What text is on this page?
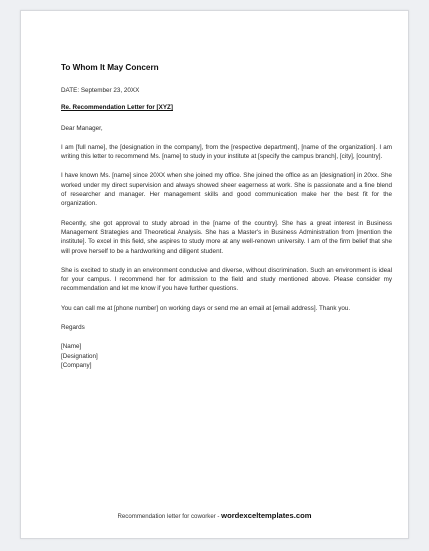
To Whom It May Concern
DATE: September 23, 20XX
Re. Recommendation Letter for [XYZ]
Dear Manager,

I am [full name], the [designation in the company], from the [respective department], [name of the organization]. I am writing this letter to recommend Ms. [name] to study in your institute at [specify the campus branch], [city], [country].

I have known Ms. [name] since 20XX when she joined my office. She joined the office as an [designation] in 20xx. She worked under my direct supervision and always showed sheer eagerness at work. She is passionate and a fine blend of researcher and manager. Her management skills and good communication make her the best fit for the organization.

Recently, she got approval to study abroad in the [name of the country]. She has a great interest in Business Management Strategies and Theoretical Analysis. She has a Master's in Business Administration from [mention the institute]. To excel in this field, she aspires to study more at any well-renown university. I am of the firm belief that she will prove herself to be a hardworking and diligent student.

She is excited to study in an environment conducive and diverse, without discrimination. Such an environment is ideal for your campus. I recommend her for admission to the field and study mentioned above. Please consider my recommendation and let me know if you have further questions.

You can call me at [phone number] on working days or send me an email at [email address]. Thank you.

Regards
[Name]
[Designation]
[Company]
Recommendation letter for coworker - wordexceltemplates.com
